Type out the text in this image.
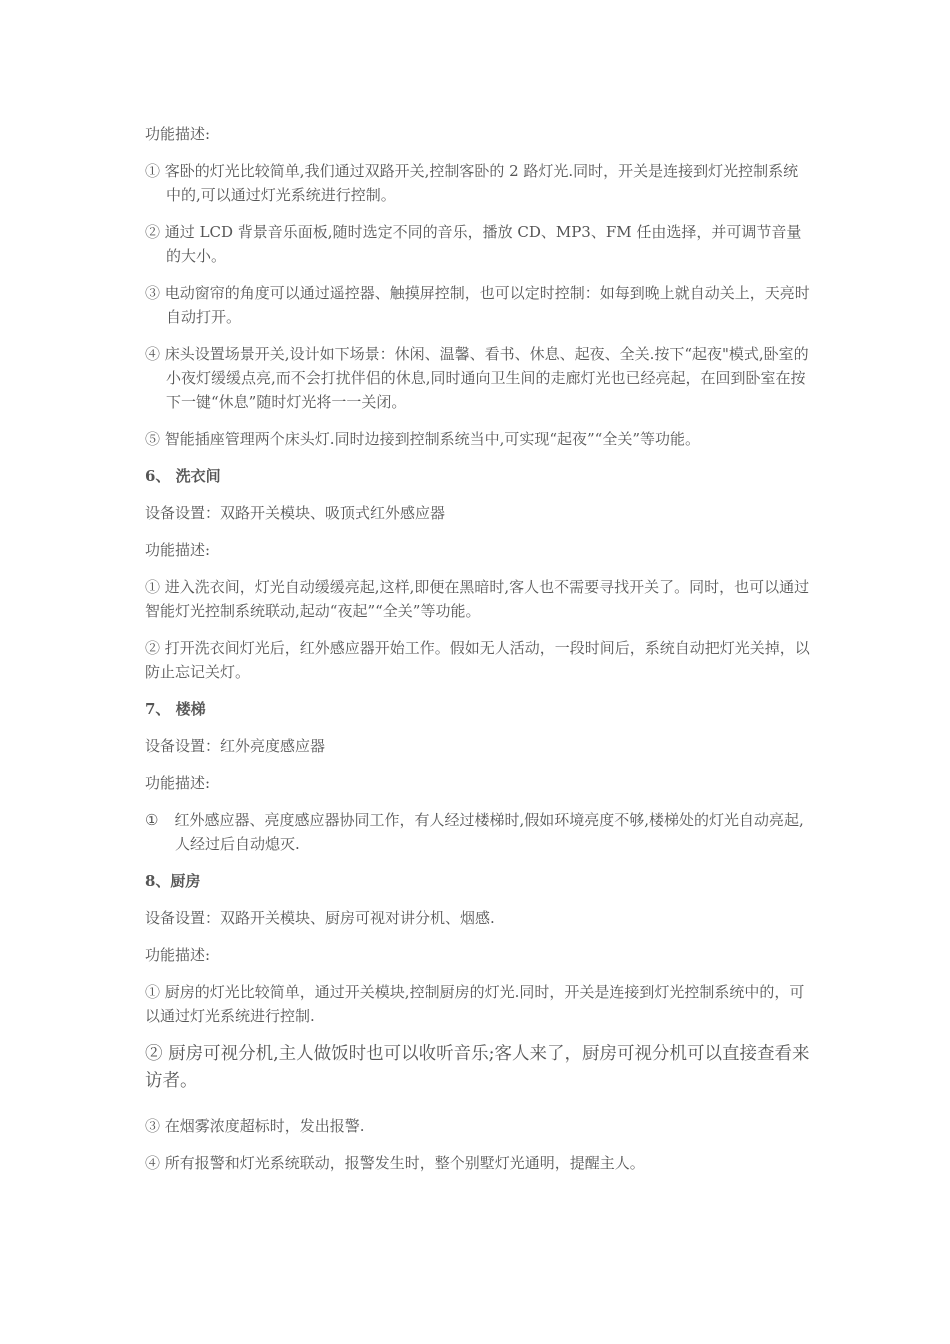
功能描述:

① 客卧的灯光比较简单,我们通过双路开关,控制客卧的 2 路灯光.同时，开关是连接到灯光控制系统中的,可以通过灯光系统进行控制。

② 通过 LCD 背景音乐面板,随时选定不同的音乐，播放 CD、MP3、FM 任由选择，并可调节音量的大小。

③ 电动窗帘的角度可以通过遥控器、触摸屏控制，也可以定时控制：如每到晚上就自动关上，天亮时自动打开。

④ 床头设置场景开关,设计如下场景：休闲、温馨、看书、休息、起夜、全关.按下“起夜"模式,卧室的小夜灯缓缓点亮,而不会打扰伴侣的休息,同时通向卫生间的走廊灯光也已经亮起，在回到卧室在按下一键“休息”随时灯光将一一关闭。

⑤ 智能插座管理两个床头灯.同时边接到控制系统当中,可实现“起夜”“全关”等功能。

6、 洗衣间

设备设置：双路开关模块、吸顶式红外感应器

功能描述:

① 进入洗衣间，灯光自动缓缓亮起,这样,即便在黑暗时,客人也不需要寻找开关了。同时，也可以通过智能灯光控制系统联动,起动“夜起”“全关”等功能。

② 打开洗衣间灯光后，红外感应器开始工作。假如无人活动，一段时间后，系统自动把灯光关掉，以防止忘记关灯。

7、 楼梯

设备设置：红外亮度感应器

功能描述:

① 红外感应器、亮度感应器协同工作，有人经过楼梯时,假如环境亮度不够,楼梯处的灯光自动亮起,人经过后自动熄灭.

8、厨房

设备设置：双路开关模块、厨房可视对讲分机、烟感.

功能描述:

① 厨房的灯光比较简单，通过开关模块,控制厨房的灯光.同时，开关是连接到灯光控制系统中的，可以通过灯光系统进行控制.

② 厨房可视分机,主人做饭时也可以收听音乐;客人来了，厨房可视分机可以直接查看来访者。

③ 在烟雾浓度超标时，发出报警.

④ 所有报警和灯光系统联动，报警发生时，整个别墅灯光通明，提醒主人。
